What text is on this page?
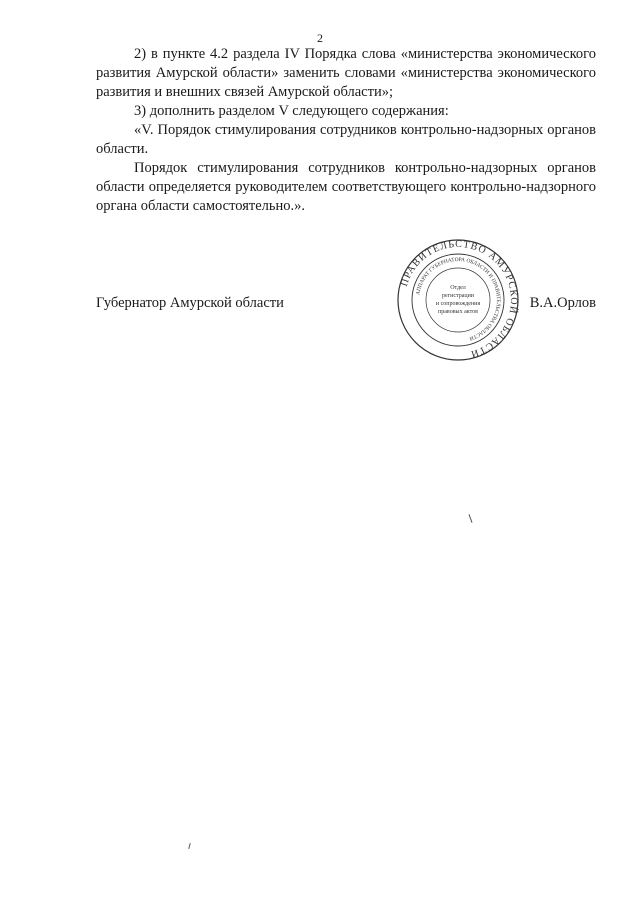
2

2) в пункте 4.2 раздела IV Порядка слова «министерства экономического развития Амурской области» заменить словами «министерства экономического развития и внешних связей Амурской области»;

3) дополнить разделом V следующего содержания:

«V. Порядок стимулирования сотрудников контрольно-надзорных органов области.

Порядок стимулирования сотрудников контрольно-надзорных органов области определяется руководителем соответствующего контрольно-надзорного органа области самостоятельно.».

Губернатор Амурской области	В.А.Орлов
ПРАВИТЕЛЬСТВО АМУРСКОЙ ОБЛАСТИ
АППАРАТ ГУБЕРНАТОРА ОБЛАСТИ И ПРАВИТЕЛЬСТВА ОБЛАСТИ
Отдел
регистрации
и сопровождения
правовых актов
